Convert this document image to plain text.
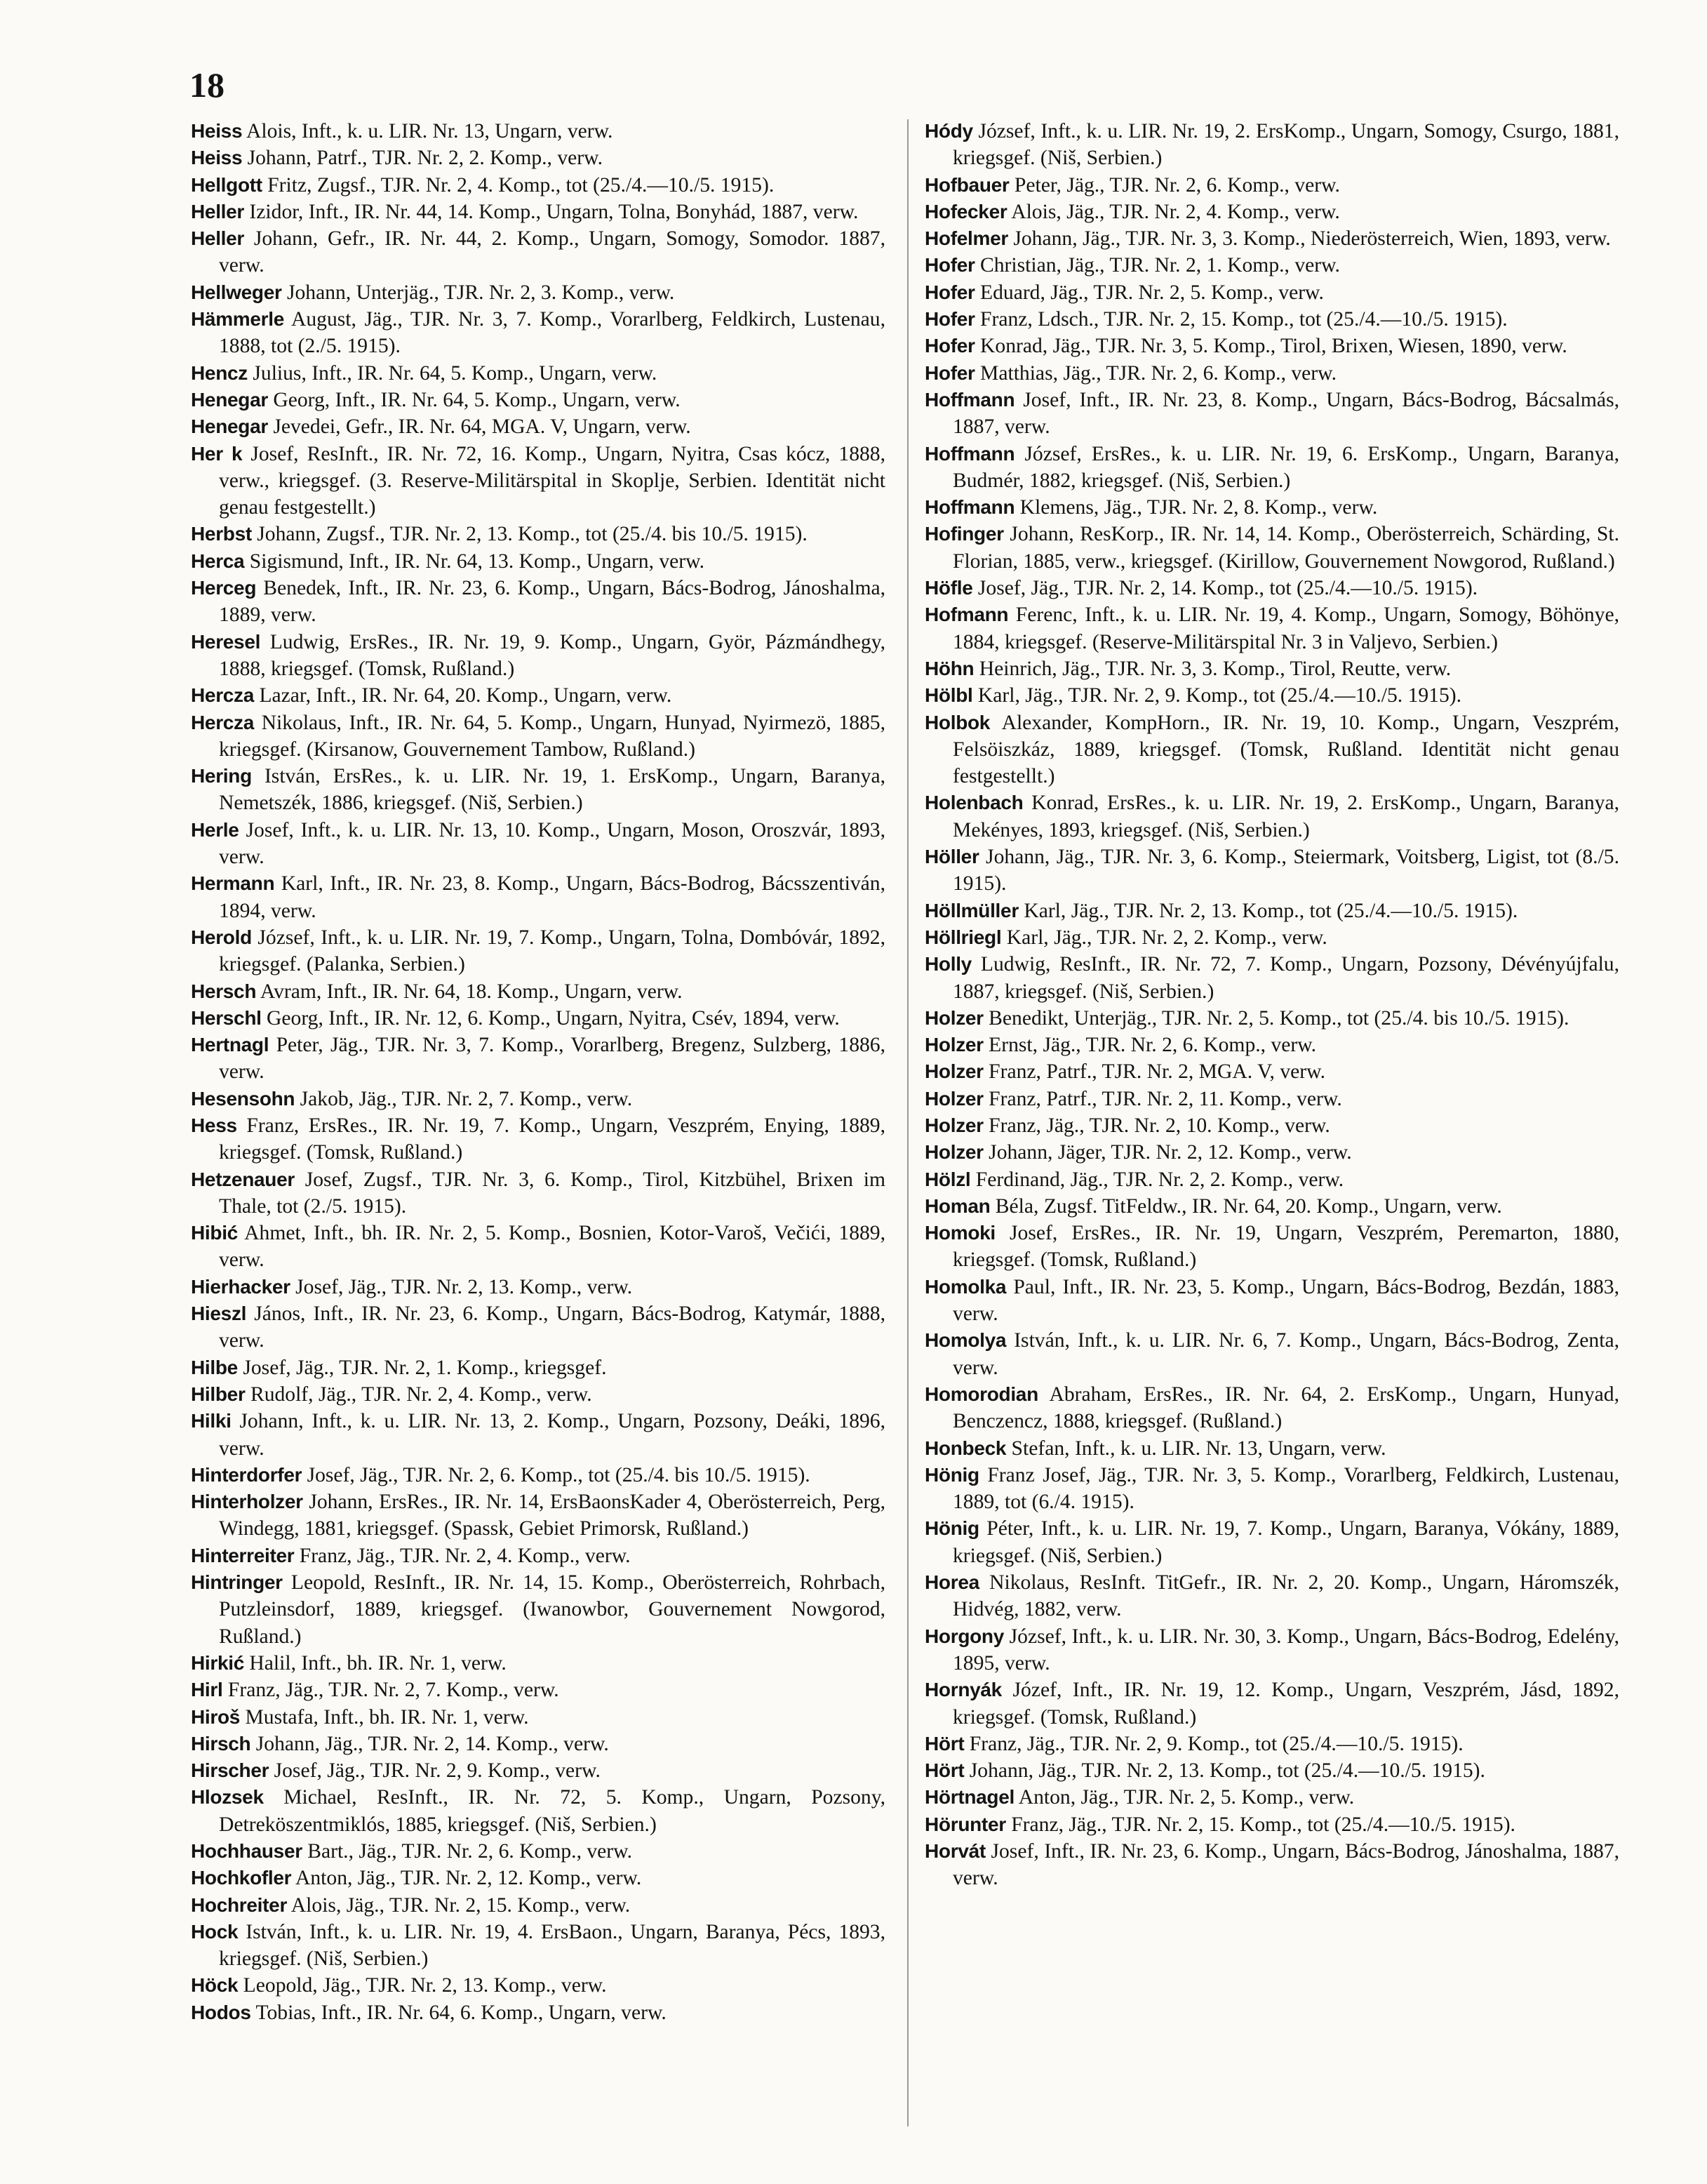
18

Heiss Alois, Inft., k. u. LIR. Nr. 13, Ungarn, verw.

Heiss Johann, Patrf., TJR. Nr. 2, 2. Komp., verw.

Hellgott Fritz, Zugsf., TJR. Nr. 2, 4. Komp., tot (25./4.—10./5. 1915).

Heller Izidor, Inft., IR. Nr. 44, 14. Komp., Ungarn, Tolna, Bonyhád, 1887, verw.

Heller Johann, Gefr., IR. Nr. 44, 2. Komp., Ungarn, Somogy, Somodor. 1887, verw.

Hellweger Johann, Unterjäg., TJR. Nr. 2, 3. Komp., verw.

Hämmerle August, Jäg., TJR. Nr. 3, 7. Komp., Vorarlberg, Feldkirch, Lustenau, 1888, tot (2./5. 1915).

Hencz Julius, Inft., IR. Nr. 64, 5. Komp., Ungarn, verw.

Henegar Georg, Inft., IR. Nr. 64, 5. Komp., Ungarn, verw.

Henegar Jevedei, Gefr., IR. Nr. 64, MGA. V, Ungarn, verw.

Her k Josef, ResInft., IR. Nr. 72, 16. Komp., Ungarn, Nyitra, Csas kócz, 1888, verw., kriegsgef. (3. Reserve-Militärspital in Skoplje, Serbien. Identität nicht genau festgestellt.)

Herbst Johann, Zugsf., TJR. Nr. 2, 13. Komp., tot (25./4. bis 10./5. 1915).

Herca Sigismund, Inft., IR. Nr. 64, 13. Komp., Ungarn, verw.

Herceg Benedek, Inft., IR. Nr. 23, 6. Komp., Ungarn, Bács-Bodrog, Jánoshalma, 1889, verw.

Heresel Ludwig, ErsRes., IR. Nr. 19, 9. Komp., Ungarn, Györ, Pázmándhegy, 1888, kriegsgef. (Tomsk, Rußland.)

Hercza Lazar, Inft., IR. Nr. 64, 20. Komp., Ungarn, verw.

Hercza Nikolaus, Inft., IR. Nr. 64, 5. Komp., Ungarn, Hunyad, Nyirmezö, 1885, kriegsgef. (Kirsanow, Gouvernement Tambow, Rußland.)

Hering István, ErsRes., k. u. LIR. Nr. 19, 1. ErsKomp., Ungarn, Baranya, Nemetszék, 1886, kriegsgef. (Niš, Serbien.)

Herle Josef, Inft., k. u. LIR. Nr. 13, 10. Komp., Ungarn, Moson, Oroszvár, 1893, verw.

Hermann Karl, Inft., IR. Nr. 23, 8. Komp., Ungarn, Bács-Bodrog, Bácsszentiván, 1894, verw.

Herold József, Inft., k. u. LIR. Nr. 19, 7. Komp., Ungarn, Tolna, Dombóvár, 1892, kriegsgef. (Palanka, Serbien.)

Hersch Avram, Inft., IR. Nr. 64, 18. Komp., Ungarn, verw.

Herschl Georg, Inft., IR. Nr. 12, 6. Komp., Ungarn, Nyitra, Csév, 1894, verw.

Hertnagl Peter, Jäg., TJR. Nr. 3, 7. Komp., Vorarlberg, Bregenz, Sulzberg, 1886, verw.

Hesensohn Jakob, Jäg., TJR. Nr. 2, 7. Komp., verw.

Hess Franz, ErsRes., IR. Nr. 19, 7. Komp., Ungarn, Veszprém, Enying, 1889, kriegsgef. (Tomsk, Rußland.)

Hetzenauer Josef, Zugsf., TJR. Nr. 3, 6. Komp., Tirol, Kitzbühel, Brixen im Thale, tot (2./5. 1915).

Hibić Ahmet, Inft., bh. IR. Nr. 2, 5. Komp., Bosnien, Kotor-Varoš, Večići, 1889, verw.

Hierhacker Josef, Jäg., TJR. Nr. 2, 13. Komp., verw.

Hieszl János, Inft., IR. Nr. 23, 6. Komp., Ungarn, Bács-Bodrog, Katymár, 1888, verw.

Hilbe Josef, Jäg., TJR. Nr. 2, 1. Komp., kriegsgef.

Hilber Rudolf, Jäg., TJR. Nr. 2, 4. Komp., verw.

Hilki Johann, Inft., k. u. LIR. Nr. 13, 2. Komp., Ungarn, Pozsony, Deáki, 1896, verw.

Hinterdorfer Josef, Jäg., TJR. Nr. 2, 6. Komp., tot (25./4. bis 10./5. 1915).

Hinterholzer Johann, ErsRes., IR. Nr. 14, ErsBaonsKader 4, Oberösterreich, Perg, Windegg, 1881, kriegsgef. (Spassk, Gebiet Primorsk, Rußland.)

Hinterreiter Franz, Jäg., TJR. Nr. 2, 4. Komp., verw.

Hintringer Leopold, ResInft., IR. Nr. 14, 15. Komp., Oberösterreich, Rohrbach, Putzleinsdorf, 1889, kriegsgef. (Iwanowbor, Gouvernement Nowgorod, Rußland.)

Hirkić Halil, Inft., bh. IR. Nr. 1, verw.

Hirl Franz, Jäg., TJR. Nr. 2, 7. Komp., verw.

Hiroš Mustafa, Inft., bh. IR. Nr. 1, verw.

Hirsch Johann, Jäg., TJR. Nr. 2, 14. Komp., verw.

Hirscher Josef, Jäg., TJR. Nr. 2, 9. Komp., verw.

Hlozsek Michael, ResInft., IR. Nr. 72, 5. Komp., Ungarn, Pozsony, Detreköszentmiklós, 1885, kriegsgef. (Niš, Serbien.)

Hochhauser Bart., Jäg., TJR. Nr. 2, 6. Komp., verw.

Hochkofler Anton, Jäg., TJR. Nr. 2, 12. Komp., verw.

Hochreiter Alois, Jäg., TJR. Nr. 2, 15. Komp., verw.

Hock István, Inft., k. u. LIR. Nr. 19, 4. ErsBaon., Ungarn, Baranya, Pécs, 1893, kriegsgef. (Niš, Serbien.)

Höck Leopold, Jäg., TJR. Nr. 2, 13. Komp., verw.

Hodos Tobias, Inft., IR. Nr. 64, 6. Komp., Ungarn, verw.

Hódy József, Inft., k. u. LIR. Nr. 19, 2. ErsKomp., Ungarn, Somogy, Csurgo, 1881, kriegsgef. (Niš, Serbien.)

Hofbauer Peter, Jäg., TJR. Nr. 2, 6. Komp., verw.

Hofecker Alois, Jäg., TJR. Nr. 2, 4. Komp., verw.

Hofelmer Johann, Jäg., TJR. Nr. 3, 3. Komp., Niederösterreich, Wien, 1893, verw.

Hofer Christian, Jäg., TJR. Nr. 2, 1. Komp., verw.

Hofer Eduard, Jäg., TJR. Nr. 2, 5. Komp., verw.

Hofer Franz, Ldsch., TJR. Nr. 2, 15. Komp., tot (25./4.—10./5. 1915).

Hofer Konrad, Jäg., TJR. Nr. 3, 5. Komp., Tirol, Brixen, Wiesen, 1890, verw.

Hofer Matthias, Jäg., TJR. Nr. 2, 6. Komp., verw.

Hoffmann Josef, Inft., IR. Nr. 23, 8. Komp., Ungarn, Bács-Bodrog, Bácsalmás, 1887, verw.

Hoffmann József, ErsRes., k. u. LIR. Nr. 19, 6. ErsKomp., Ungarn, Baranya, Budmér, 1882, kriegsgef. (Niš, Serbien.)

Hoffmann Klemens, Jäg., TJR. Nr. 2, 8. Komp., verw.

Hofinger Johann, ResKorp., IR. Nr. 14, 14. Komp., Oberösterreich, Schärding, St. Florian, 1885, verw., kriegsgef. (Kirillow, Gouvernement Nowgorod, Rußland.)

Höfle Josef, Jäg., TJR. Nr. 2, 14. Komp., tot (25./4.—10./5. 1915).

Hofmann Ferenc, Inft., k. u. LIR. Nr. 19, 4. Komp., Ungarn, Somogy, Böhönye, 1884, kriegsgef. (Reserve-Militärspital Nr. 3 in Valjevo, Serbien.)

Höhn Heinrich, Jäg., TJR. Nr. 3, 3. Komp., Tirol, Reutte, verw.

Hölbl Karl, Jäg., TJR. Nr. 2, 9. Komp., tot (25./4.—10./5. 1915).

Holbok Alexander, KompHorn., IR. Nr. 19, 10. Komp., Ungarn, Veszprém, Felsöiszkáz, 1889, kriegsgef. (Tomsk, Rußland. Identität nicht genau festgestellt.)

Holenbach Konrad, ErsRes., k. u. LIR. Nr. 19, 2. ErsKomp., Ungarn, Baranya, Mekényes, 1893, kriegsgef. (Niš, Serbien.)

Höller Johann, Jäg., TJR. Nr. 3, 6. Komp., Steiermark, Voitsberg, Ligist, tot (8./5. 1915).

Höllmüller Karl, Jäg., TJR. Nr. 2, 13. Komp., tot (25./4.—10./5. 1915).

Höllriegl Karl, Jäg., TJR. Nr. 2, 2. Komp., verw.

Holly Ludwig, ResInft., IR. Nr. 72, 7. Komp., Ungarn, Pozsony, Dévényújfalu, 1887, kriegsgef. (Niš, Serbien.)

Holzer Benedikt, Unterjäg., TJR. Nr. 2, 5. Komp., tot (25./4. bis 10./5. 1915).

Holzer Ernst, Jäg., TJR. Nr. 2, 6. Komp., verw.

Holzer Franz, Patrf., TJR. Nr. 2, MGA. V, verw.

Holzer Franz, Patrf., TJR. Nr. 2, 11. Komp., verw.

Holzer Franz, Jäg., TJR. Nr. 2, 10. Komp., verw.

Holzer Johann, Jäger, TJR. Nr. 2, 12. Komp., verw.

Hölzl Ferdinand, Jäg., TJR. Nr. 2, 2. Komp., verw.

Homan Béla, Zugsf. TitFeldw., IR. Nr. 64, 20. Komp., Ungarn, verw.

Homoki Josef, ErsRes., IR. Nr. 19, Ungarn, Veszprém, Peremarton, 1880, kriegsgef. (Tomsk, Rußland.)

Homolka Paul, Inft., IR. Nr. 23, 5. Komp., Ungarn, Bács-Bodrog, Bezdán, 1883, verw.

Homolya István, Inft., k. u. LIR. Nr. 6, 7. Komp., Ungarn, Bács-Bodrog, Zenta, verw.

Homorodian Abraham, ErsRes., IR. Nr. 64, 2. ErsKomp., Ungarn, Hunyad, Benczencz, 1888, kriegsgef. (Rußland.)

Honbeck Stefan, Inft., k. u. LIR. Nr. 13, Ungarn, verw.

Hönig Franz Josef, Jäg., TJR. Nr. 3, 5. Komp., Vorarlberg, Feldkirch, Lustenau, 1889, tot (6./4. 1915).

Hönig Péter, Inft., k. u. LIR. Nr. 19, 7. Komp., Ungarn, Baranya, Vókány, 1889, kriegsgef. (Niš, Serbien.)

Horea Nikolaus, ResInft. TitGefr., IR. Nr. 2, 20. Komp., Ungarn, Háromszék, Hidvég, 1882, verw.

Horgony József, Inft., k. u. LIR. Nr. 30, 3. Komp., Ungarn, Bács-Bodrog, Edelény, 1895, verw.

Hornyák Józef, Inft., IR. Nr. 19, 12. Komp., Ungarn, Veszprém, Jásd, 1892, kriegsgef. (Tomsk, Rußland.)

Hört Franz, Jäg., TJR. Nr. 2, 9. Komp., tot (25./4.—10./5. 1915).

Hört Johann, Jäg., TJR. Nr. 2, 13. Komp., tot (25./4.—10./5. 1915).

Hörtnagel Anton, Jäg., TJR. Nr. 2, 5. Komp., verw.

Hörunter Franz, Jäg., TJR. Nr. 2, 15. Komp., tot (25./4.—10./5. 1915).

Horvát Josef, Inft., IR. Nr. 23, 6. Komp., Ungarn, Bács-Bodrog, Jánoshalma, 1887, verw.
